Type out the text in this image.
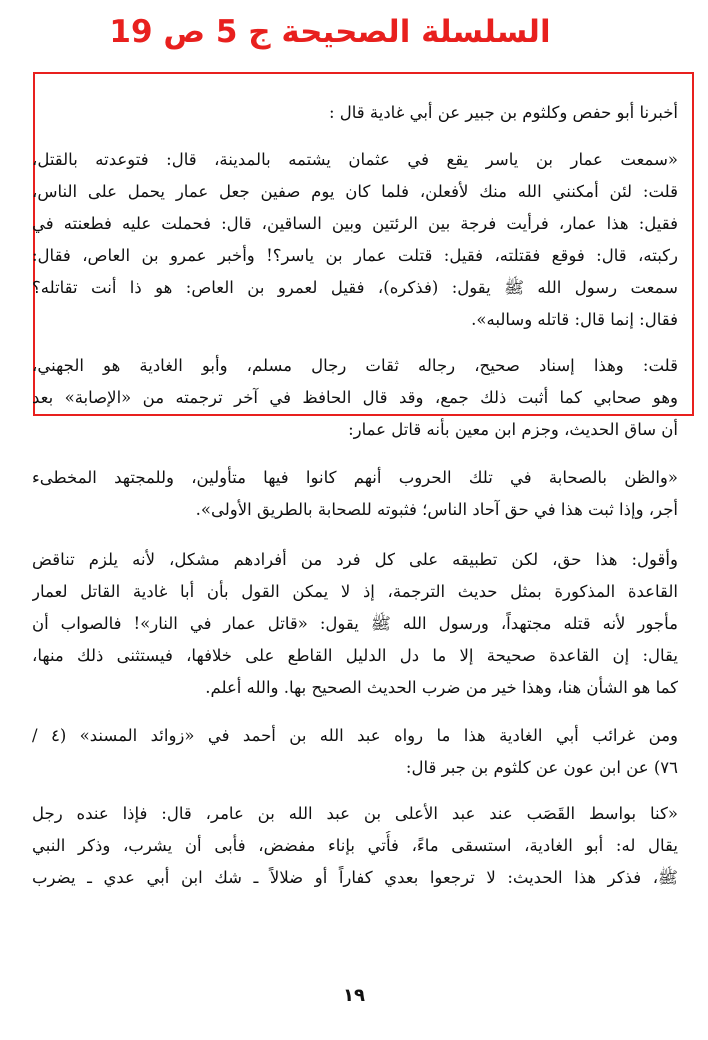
السلسلة الصحيحة ج 5 ص 19
أخبرنا أبو حفص وكلثوم بن جبير عن أبي غادية قال :
«سمعت عمار بن ياسر يقع في عثمان يشتمه بالمدينة، قال: فتوعدته بالقتل،
قلت: لئن أمكنني الله منك لأفعلن، فلما كان يوم صفين جعل عمار يحمل على الناس،
فقيل: هذا عمار، فرأيت فرجة بين الرئتين وبين الساقين، قال: فحملت عليه فطعنته في
ركبته، قال: فوقع فقتلته، فقيل: قتلت عمار بن ياسر؟! وأخبر عمرو بن العاص، فقال:
سمعت رسول الله ﷺ يقول: (فذكره)، فقيل لعمرو بن العاص: هو ذا أنت تقاتله؟
فقال: إنما قال: قاتله وسالبه».
قلت: وهذا إسناد صحيح، رجاله ثقات رجال مسلم، وأبو الغادية هو الجهني،
وهو صحابي كما أثبت ذلك جمع، وقد قال الحافظ في آخر ترجمته من «الإصابة» بعد
أن ساق الحديث، وجزم ابن معين بأنه قاتل عمار:
«والظن بالصحابة في تلك الحروب أنهم كانوا فيها متأولين، وللمجتهد المخطىء
أجر، وإذا ثبت هذا في حق آحاد الناس؛ فثبوته للصحابة بالطريق الأولى».
وأقول: هذا حق، لكن تطبيقه على كل فرد من أفرادهم مشكل، لأنه يلزم تناقض
القاعدة المذكورة بمثل حديث الترجمة، إذ لا يمكن القول بأن أبا غادية القاتل لعمار
مأجور لأنه قتله مجتهداً، ورسول الله ﷺ يقول: «قاتل عمار في النار»! فالصواب أن
يقال: إن القاعدة صحيحة إلا ما دل الدليل القاطع على خلافها، فيستثنى ذلك منها،
كما هو الشأن هنا، وهذا خير من ضرب الحديث الصحيح بها. والله أعلم.
ومن غرائب أبي الغادية هذا ما رواه عبد الله بن أحمد في «زوائد المسند» (٤ /
٧٦) عن ابن عون عن كلثوم بن جبر قال:
«كنا بواسط القَصَب عند عبد الأعلى بن عبد الله بن عامر، قال: فإذا عنده رجل
يقال له: أبو الغادية، استسقى ماءً، فأُتي بإناء مفضض، فأبى أن يشرب، وذكر النبي
ﷺ، فذكر هذا الحديث: لا ترجعوا بعدي كفاراً أو ضلالاً ـ شك ابن أبي عدي ـ يضرب
١٩
